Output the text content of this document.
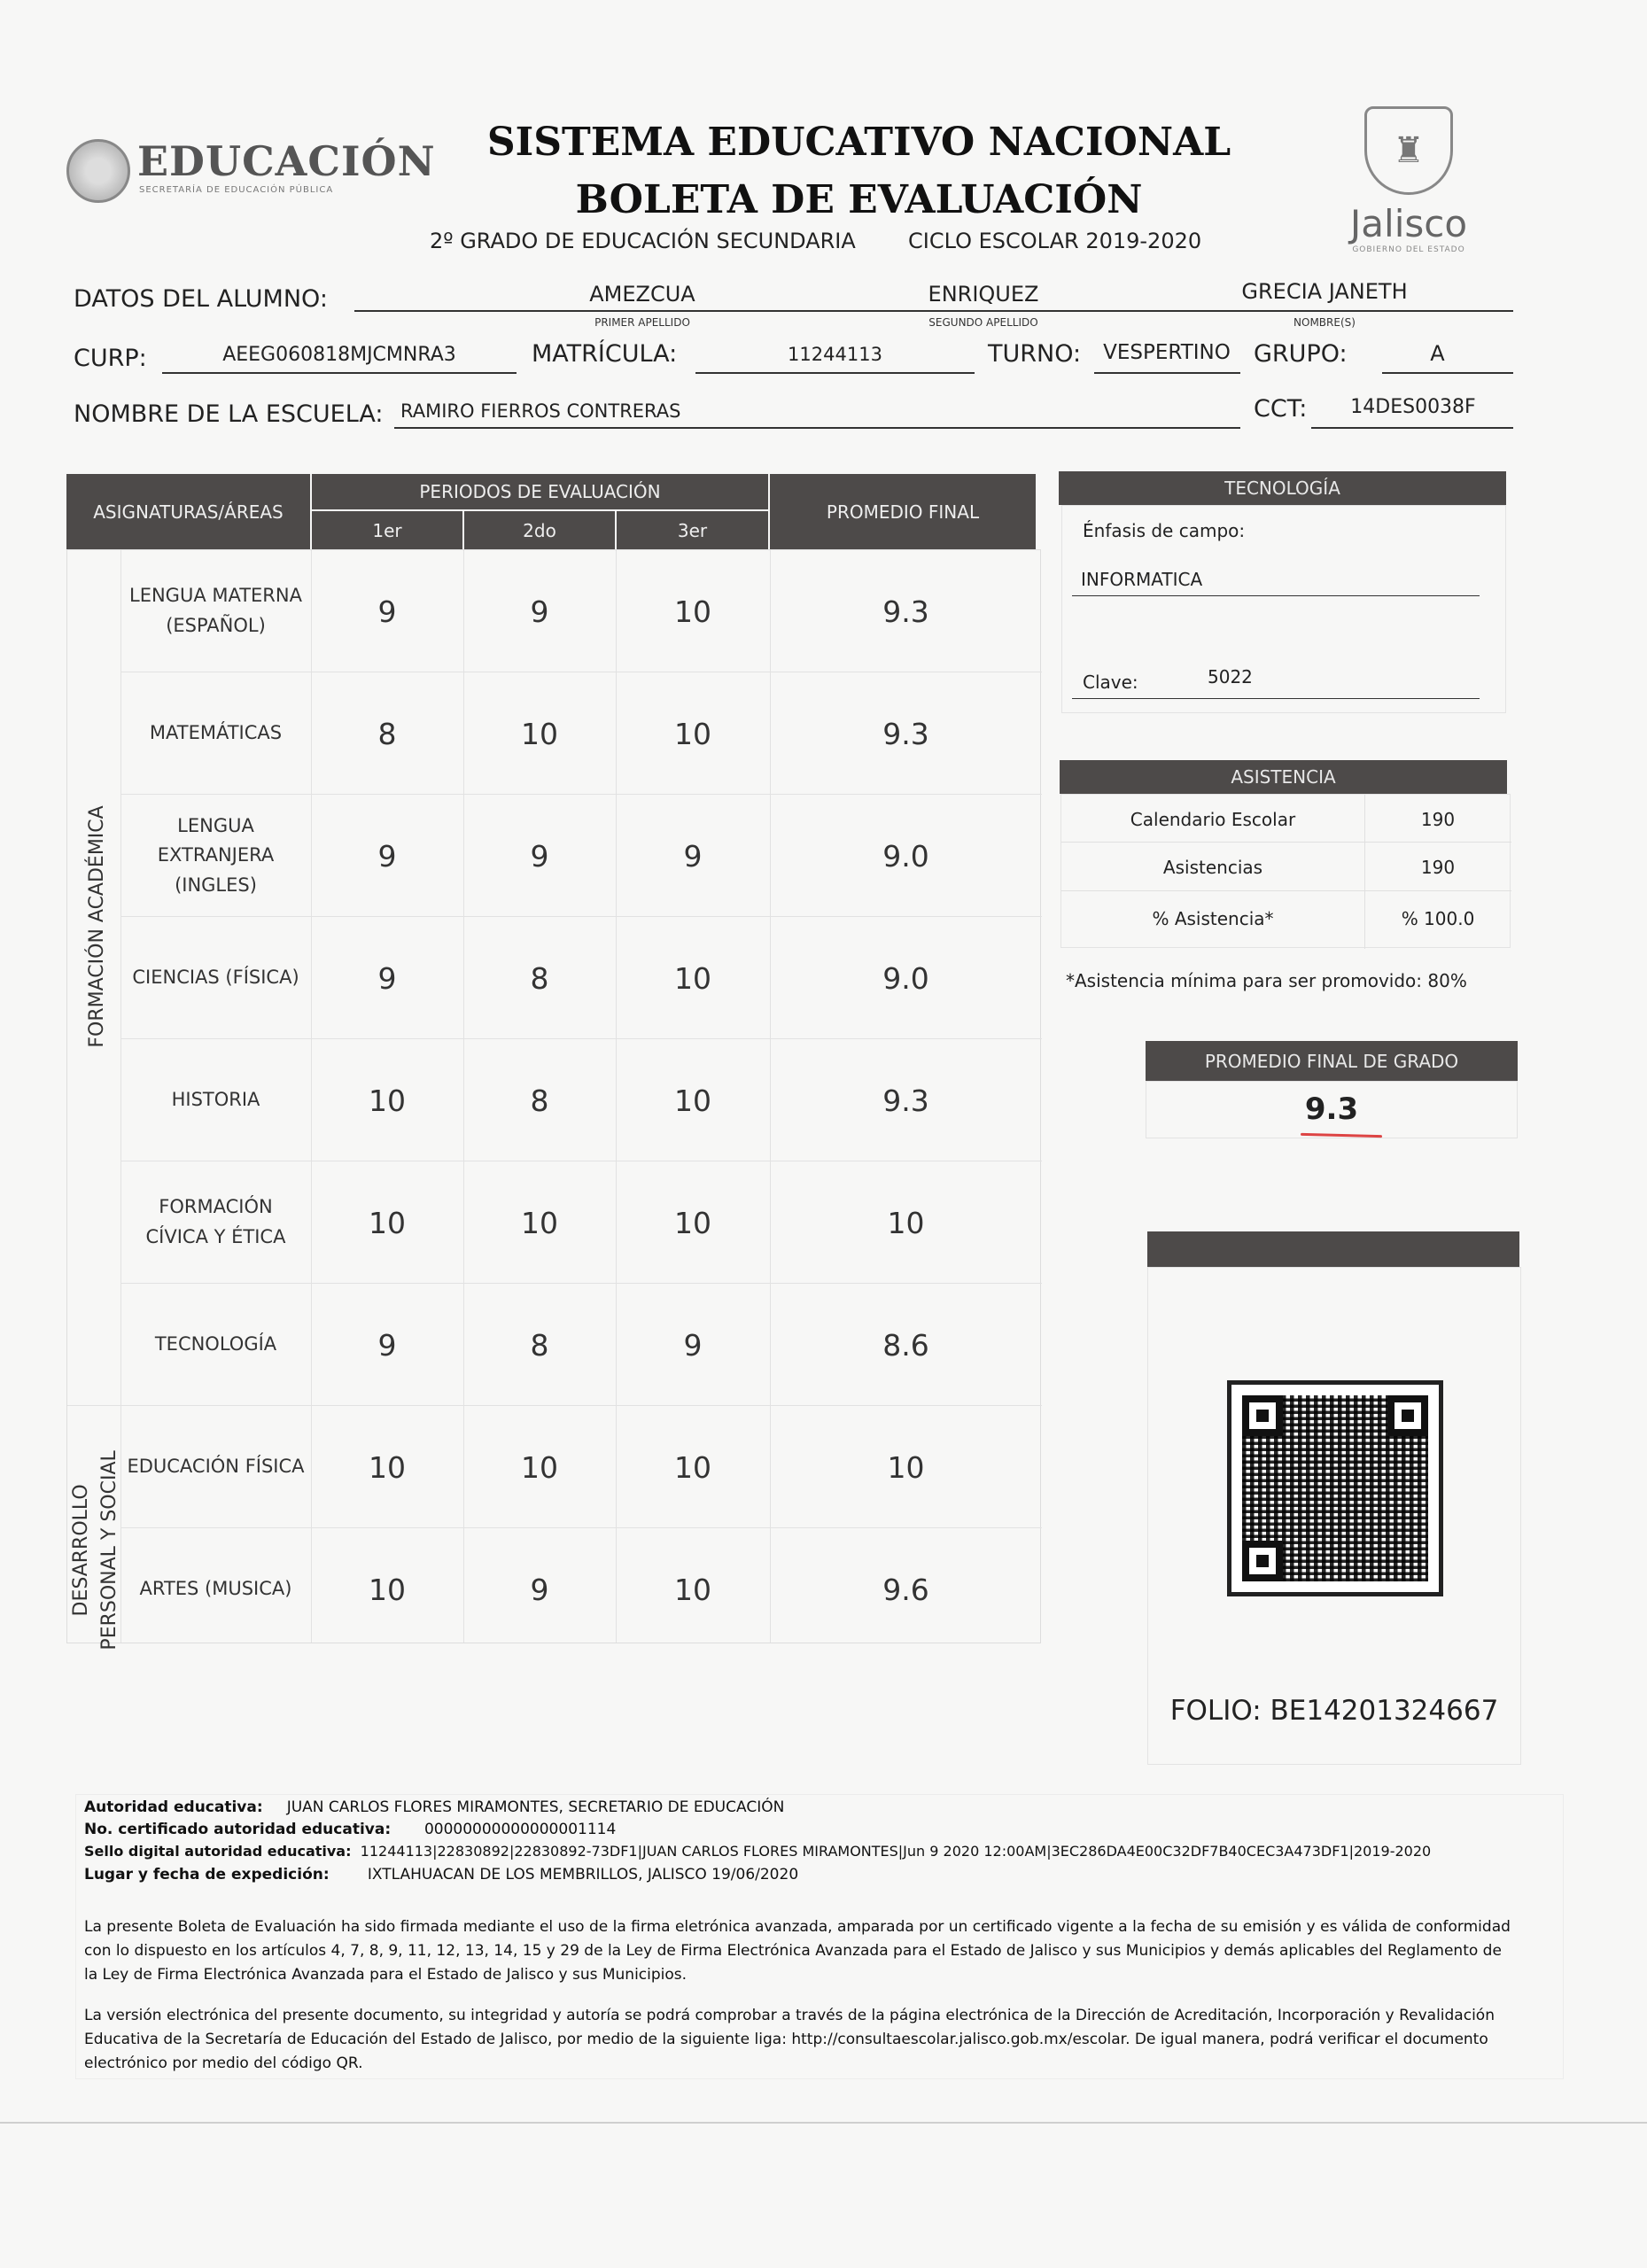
EDUCACIÓN
SECRETARÍA DE EDUCACIÓN PÚBLICA
SISTEMA EDUCATIVO NACIONAL
BOLETA DE EVALUACIÓN
2º GRADO DE EDUCACIÓN SECUNDARIA CICLO ESCOLAR 2019-2020
♜
Jalisco
GOBIERNO DEL ESTADO
DATOS DEL ALUMNO:	AMEZCUA	ENRIQUEZ	GRECIA JANETH
PRIMER APELLIDO	SEGUNDO APELLIDO	NOMBRE(S)
CURP:	AEEG060818MJCMNRA3	MATRÍCULA:	11244113	TURNO:	VESPERTINO GRUPO:	A
NOMBRE DE LA ESCUELA: RAMIRO FIERROS CONTRERAS	CCT:	14DES0038F
ASIGNATURAS/ÁREAS
PERIODOS DE EVALUACIÓN
1er	2do	3er
PROMEDIO FINAL
LENGUA MATERNA
(ESPAÑOL)	9	9	10	9.3
MATEMÁTICAS	8	10	10	9.3
LENGUA
EXTRANJERA
(INGLES)
9	9	9	9.0
CIENCIAS (FÍSICA)	9	8	10	9.0
HISTORIA	10	8	10	9.3
FORMACIÓN
CÍVICA Y ÉTICA	10	10	10	10
TECNOLOGÍA	9	8	9	8.6
EDUCACIÓN FÍSICA	10	10	10	10
ARTES (MUSICA)	10	9	10	9.6
FORMACIÓN ACADÉMICA
DESARROLLO PERSONAL Y SOCIAL
TECNOLOGÍA
Énfasis de campo:
INFORMATICA
Clave:	5022
ASISTENCIA
Calendario Escolar	190
Asistencias	190
% Asistencia*	% 100.0
*Asistencia mínima para ser promovido: 80%
PROMEDIO FINAL DE GRADO
9.3
FOLIO: BE14201324667
Autoridad educativa: JUAN CARLOS FLORES MIRAMONTES, SECRETARIO DE EDUCACIÓN
No. certificado autoridad educativa: 00000000000000001114
Sello digital autoridad educativa: 11244113|22830892|22830892-73DF1|JUAN CARLOS FLORES MIRAMONTES|Jun 9 2020 12:00AM|3EC286DA4E00C32DF7B40CEC3A473DF1|2019-2020
Lugar y fecha de expedición:	IXTLAHUACAN DE LOS MEMBRILLOS, JALISCO 19/06/2020
La presente Boleta de Evaluación ha sido firmada mediante el uso de la firma eletrónica avanzada, amparada por un certificado vigente a la fecha de su emisión y es válida de conformidad con lo dispuesto en los artículos 4, 7, 8, 9, 11, 12, 13, 14, 15 y 29 de la Ley de Firma Electrónica Avanzada para el Estado de Jalisco y sus Municipios y demás aplicables del Reglamento de la Ley de Firma Electrónica Avanzada para el Estado de Jalisco y sus Municipios.
La versión electrónica del presente documento, su integridad y autoría se podrá comprobar a través de la página electrónica de la Dirección de Acreditación, Incorporación y Revalidación Educativa de la Secretaría de Educación del Estado de Jalisco, por medio de la siguiente liga: http://consultaescolar.jalisco.gob.mx/escolar. De igual manera, podrá verificar el documento electrónico por medio del código QR.
